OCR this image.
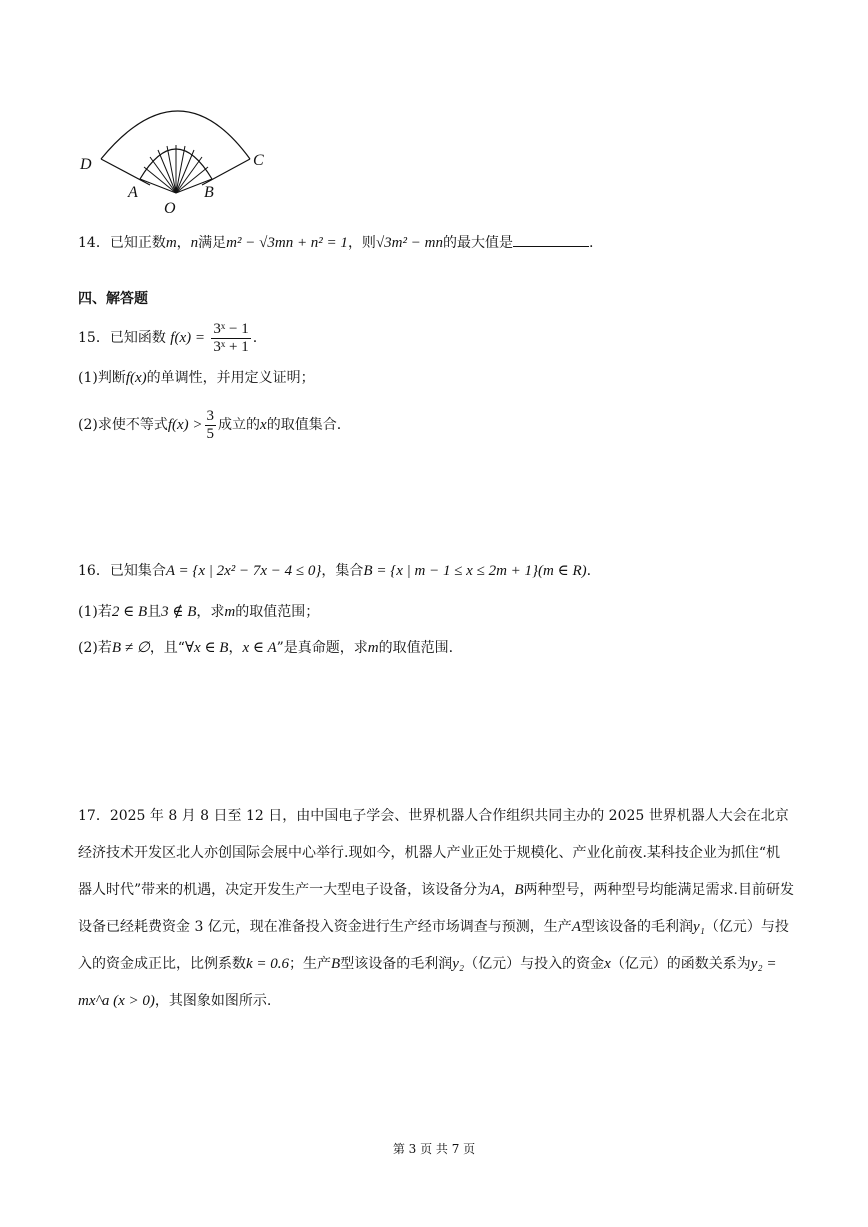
D	C
A	B
O
14．已知正数m，n满足m² − √3mn + n² = 1，则√3m² − mn的最大值是	.
四、解答题
15．已知函数 $f(x) = \frac{\text{3ˣ − 1}}{\text{3ˣ + 1}}$ .
(1)判断f(x)的单调性，并用定义证明；
(2)求使不等式$f(x) > \frac{3}{5}$ 成立的x的取值集合.
16．已知集合A = {x | 2x² − 7x − 4 ≤ 0}，集合B = {x | m − 1 ≤ x ≤ 2m + 1}(m ∈ R).
(1)若2 ∈ B且3 ∉ B，求m的取值范围；
(2)若B ≠ ∅，且“∀x ∈ B，x ∈ A”是真命题，求m的取值范围.
17．2025 年 8 月 8 日至 12 日，由中国电子学会、世界机器人合作组织共同主办的 2025 世界机器人大会在北京经济技术开发区北人亦创国际会展中心举行.现如今，机器人产业正处于规模化、产业化前夜.某科技企业为抓住“机器人时代”带来的机遇，决定开发生产一大型电子设备，该设备分为A，B两种型号，两种型号均能满足需求.目前研发设备已经耗费资金 3 亿元，现在准备投入资金进行生产经市场调查与预测，生产A型该设备的毛利润y₁（亿元）与投入的资金成正比，比例系数k = 0.6；生产B型该设备的毛利润y₂（亿元）与投入的资金x（亿元）的函数关系为y₂ = mx^a (x > 0)，其图象如图所示.
第 3 页 共 7 页
